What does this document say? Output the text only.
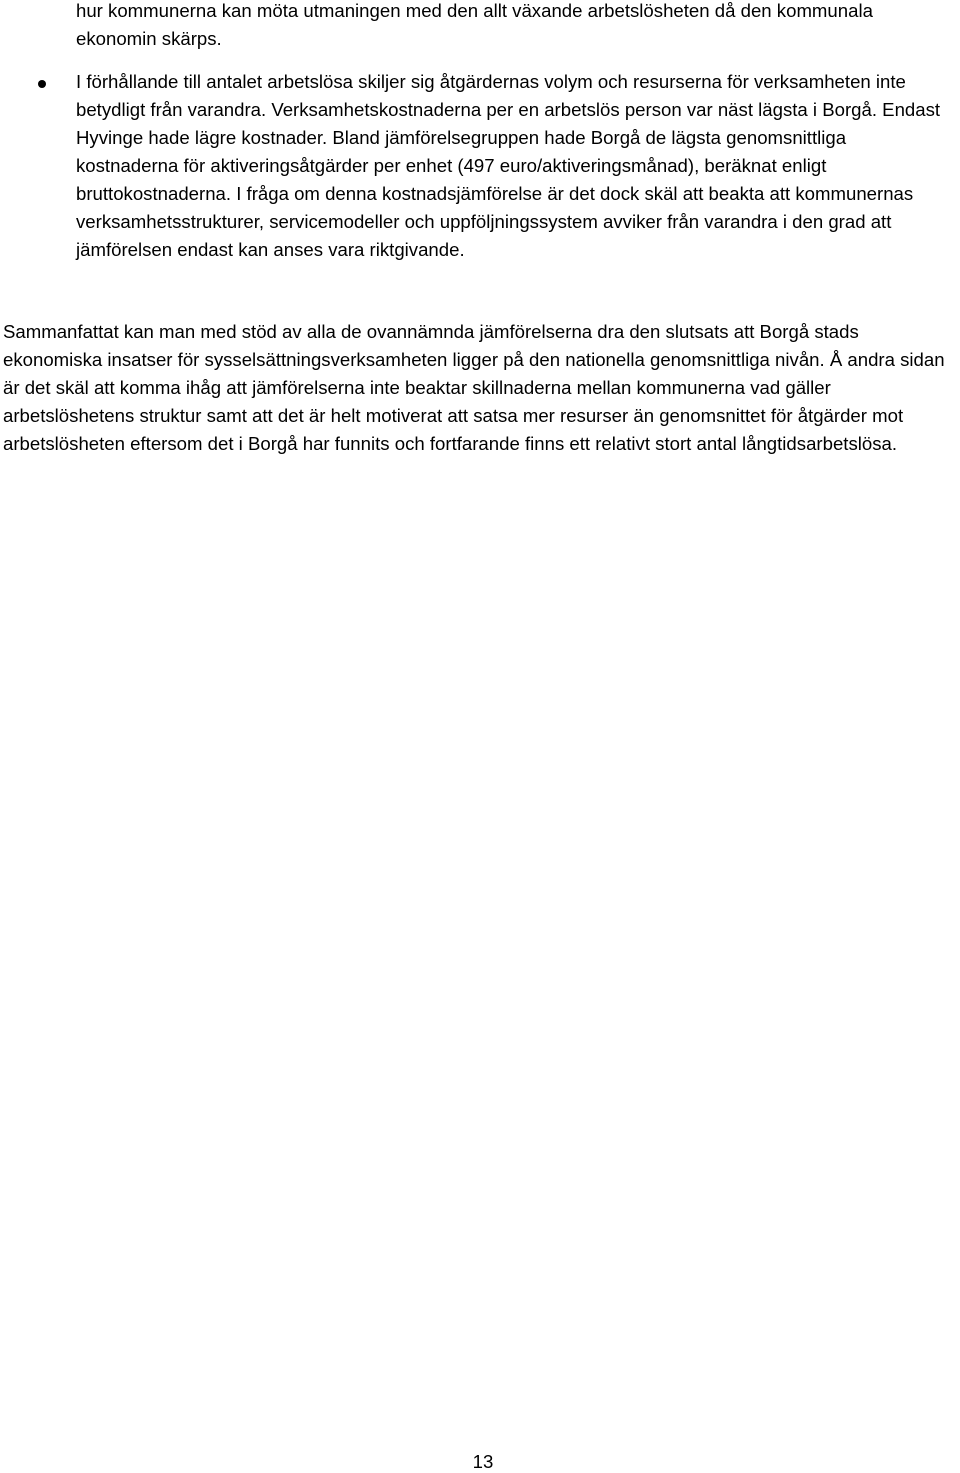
hur kommunerna kan möta utmaningen med den allt växande arbetslösheten då den kommunala ekonomin skärps.

I förhållande till antalet arbetslösa skiljer sig åtgärdernas volym och resurserna för verksamheten inte betydligt från varandra. Verksamhetskostnaderna per en arbetslös person var näst lägsta i Borgå. Endast Hyvinge hade lägre kostnader. Bland jämförelsegruppen hade Borgå de lägsta genomsnittliga kostnaderna för aktiveringsåtgärder per enhet (497 euro/aktiveringsmånad), beräknat enligt bruttokostnaderna. I fråga om denna kostnadsjämförelse är det dock skäl att beakta att kommunernas verksamhetsstrukturer, servicemodeller och uppföljningssystem avviker från varandra i den grad att jämförelsen endast kan anses vara riktgivande.

Sammanfattat kan man med stöd av alla de ovannämnda jämförelserna dra den slutsats att Borgå stads ekonomiska insatser för sysselsättningsverksamheten ligger på den nationella genomsnittliga nivån. Å andra sidan är det skäl att komma ihåg att jämförelserna inte beaktar skillnaderna mellan kommunerna vad gäller arbetslöshetens struktur samt att det är helt motiverat att satsa mer resurser än genomsnittet för åtgärder mot arbetslösheten eftersom det i Borgå har funnits och fortfarande finns ett relativt stort antal långtidsarbetslösa.

13
